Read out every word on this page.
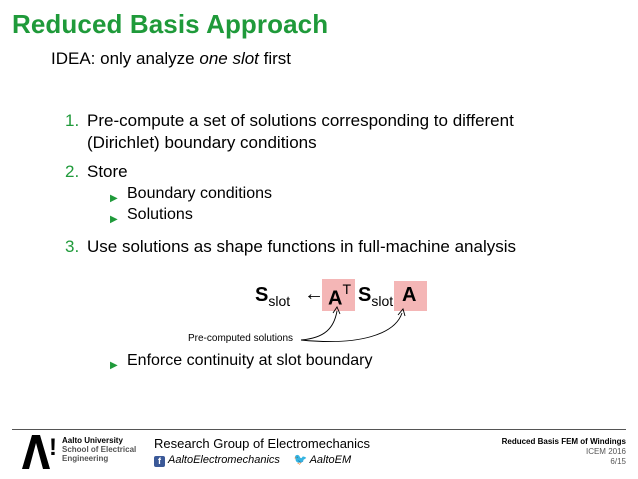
Reduced Basis Approach
IDEA: only analyze one slot first
1. Pre-compute a set of solutions corresponding to different
(Dirichlet) boundary conditions
2. Store
▶ Boundary conditions
▶ Solutions
3. Use solutions as shape functions in full-machine analysis
$S_{slot}$ ← $A^T$ $S_{slot}$ A
Pre-computed solutions
▶ Enforce continuity at slot boundary
! Aalto University
School of Electrical
Engineering
Research Group of Electromechanics
f AaltoElectromechanics 🐦 AaltoEM
Reduced Basis FEM of Windings
ICEM 2016
6/15
